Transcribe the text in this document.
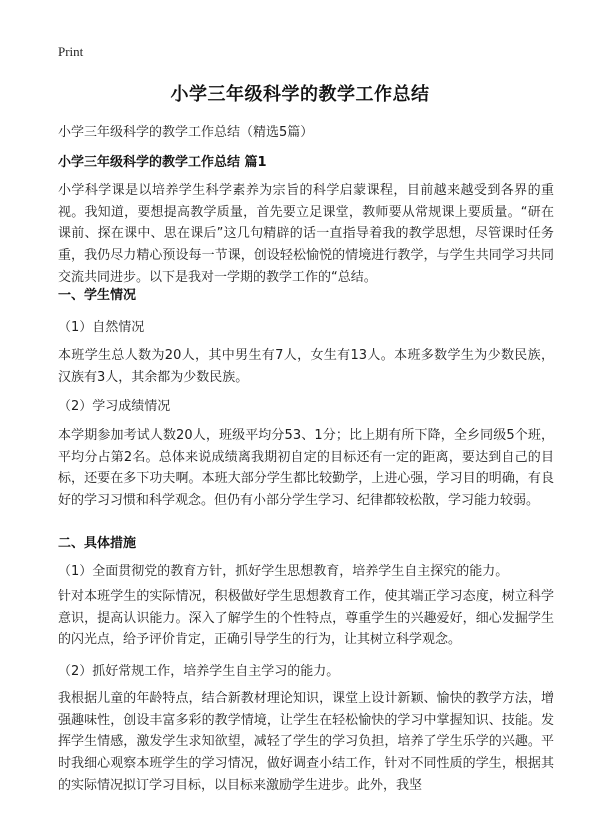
Print
小学三年级科学的教学工作总结
小学三年级科学的教学工作总结（精选5篇）
小学三年级科学的教学工作总结 篇1
小学科学课是以培养学生科学素养为宗旨的科学启蒙课程，目前越来越受到各界的重视。我知道，要想提高教学质量，首先要立足课堂，教师要从常规课上要质量。“研在课前、探在课中、思在课后”这几句精辟的话一直指导着我的教学思想，尽管课时任务重，我仍尽力精心预设每一节课，创设轻松愉悦的情境进行教学，与学生共同学习共同交流共同进步。以下是我对一学期的教学工作的“总结。
一、学生情况
（1）自然情况
本班学生总人数为20人，其中男生有7人，女生有13人。本班多数学生为少数民族，汉族有3人，其余都为少数民族。
（2）学习成绩情况
本学期参加考试人数20人，班级平均分53、1分；比上期有所下降，全乡同级5个班，平均分占第2名。总体来说成绩离我期初自定的目标还有一定的距离，要达到自己的目标，还要在多下功夫啊。本班大部分学生都比较勤学，上进心强，学习目的明确，有良好的学习习惯和科学观念。但仍有小部分学生学习、纪律都较松散，学习能力较弱。
二、具体措施
（1）全面贯彻党的教育方针，抓好学生思想教育，培养学生自主探究的能力。
针对本班学生的实际情况，积极做好学生思想教育工作，使其端正学习态度，树立科学意识，提高认识能力。深入了解学生的个性特点，尊重学生的兴趣爱好，细心发掘学生的闪光点，给予评价肯定，正确引导学生的行为，让其树立科学观念。
（2）抓好常规工作，培养学生自主学习的能力。
我根据儿童的年龄特点，结合新教材理论知识，课堂上设计新颖、愉快的教学方法，增强趣味性，创设丰富多彩的教学情境，让学生在轻松愉快的学习中掌握知识、技能。发挥学生情感，激发学生求知欲望，减轻了学生的学习负担，培养了学生乐学的兴趣。平时我细心观察本班学生的学习情况，做好调查小结工作，针对不同性质的学生，根据其的实际情况拟订学习目标，以目标来激励学生进步。此外，我坚
